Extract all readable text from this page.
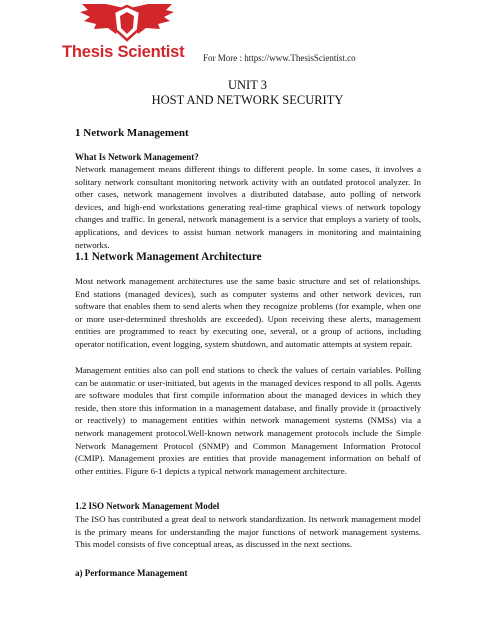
Thesis Scientist	For More : https://www.ThesisScientist.co
UNIT 3
HOST AND NETWORK SECURITY
1 Network Management
What Is Network Management?
Network management means different things to different people. In some cases, it involves a solitary network consultant monitoring network activity with an outdated protocol analyzer. In other cases, network management involves a distributed database, auto polling of network devices, and high-end workstations generating real-time graphical views of network topology changes and traffic. In general, network management is a service that employs a variety of tools, applications, and devices to assist human network managers in monitoring and maintaining networks.
1.1 Network Management Architecture
Most network management architectures use the same basic structure and set of relationships. End stations (managed devices), such as computer systems and other network devices, run software that enables them to send alerts when they recognize problems (for example, when one or more user-determined thresholds are exceeded). Upon receiving these alerts, management entities are programmed to react by executing one, several, or a group of actions, including operator notification, event logging, system shutdown, and automatic attempts at system repair.
Management entities also can poll end stations to check the values of certain variables. Polling can be automatic or user-initiated, but agents in the managed devices respond to all polls. Agents are software modules that first compile information about the managed devices in which they reside, then store this information in a management database, and finally provide it (proactively or reactively) to management entities within network management systems (NMSs) via a network management protocol.Well-known network management protocols include the Simple Network Management Protocol (SNMP) and Common Management Information Protocol (CMIP). Management proxies are entities that provide management information on behalf of other entities. Figure 6-1 depicts a typical network management architecture.
1.2 ISO Network Management Model
The ISO has contributed a great deal to network standardization. Its network management model is the primary means for understanding the major functions of network management systems. This model consists of five conceptual areas, as discussed in the next sections.
a) Performance Management
